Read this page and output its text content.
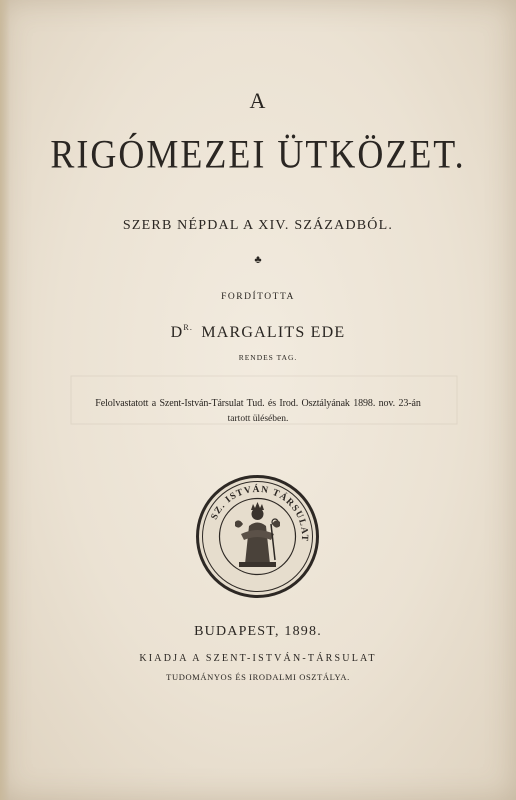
A
RIGÓMEZEI ÜTKÖZET.
SZERB NÉPDAL A XIV. SZÁZADBÓL.
♣
FORDÍTOTTA
$D^{R.}$ MARGALITS EDE
RENDES TAG.
Felolvastatott a Szent-István-Társulat Tud. és Irod. Osztályának 1898. nov. 23-án
tartott ülésében.
SZ. ISTVÁN TÁRSULAT
BUDAPEST, 1898.
KIADJA A SZENT-ISTVÁN-TÁRSULAT
TUDOMÁNYOS ÉS IRODALMI OSZTÁLYA.
